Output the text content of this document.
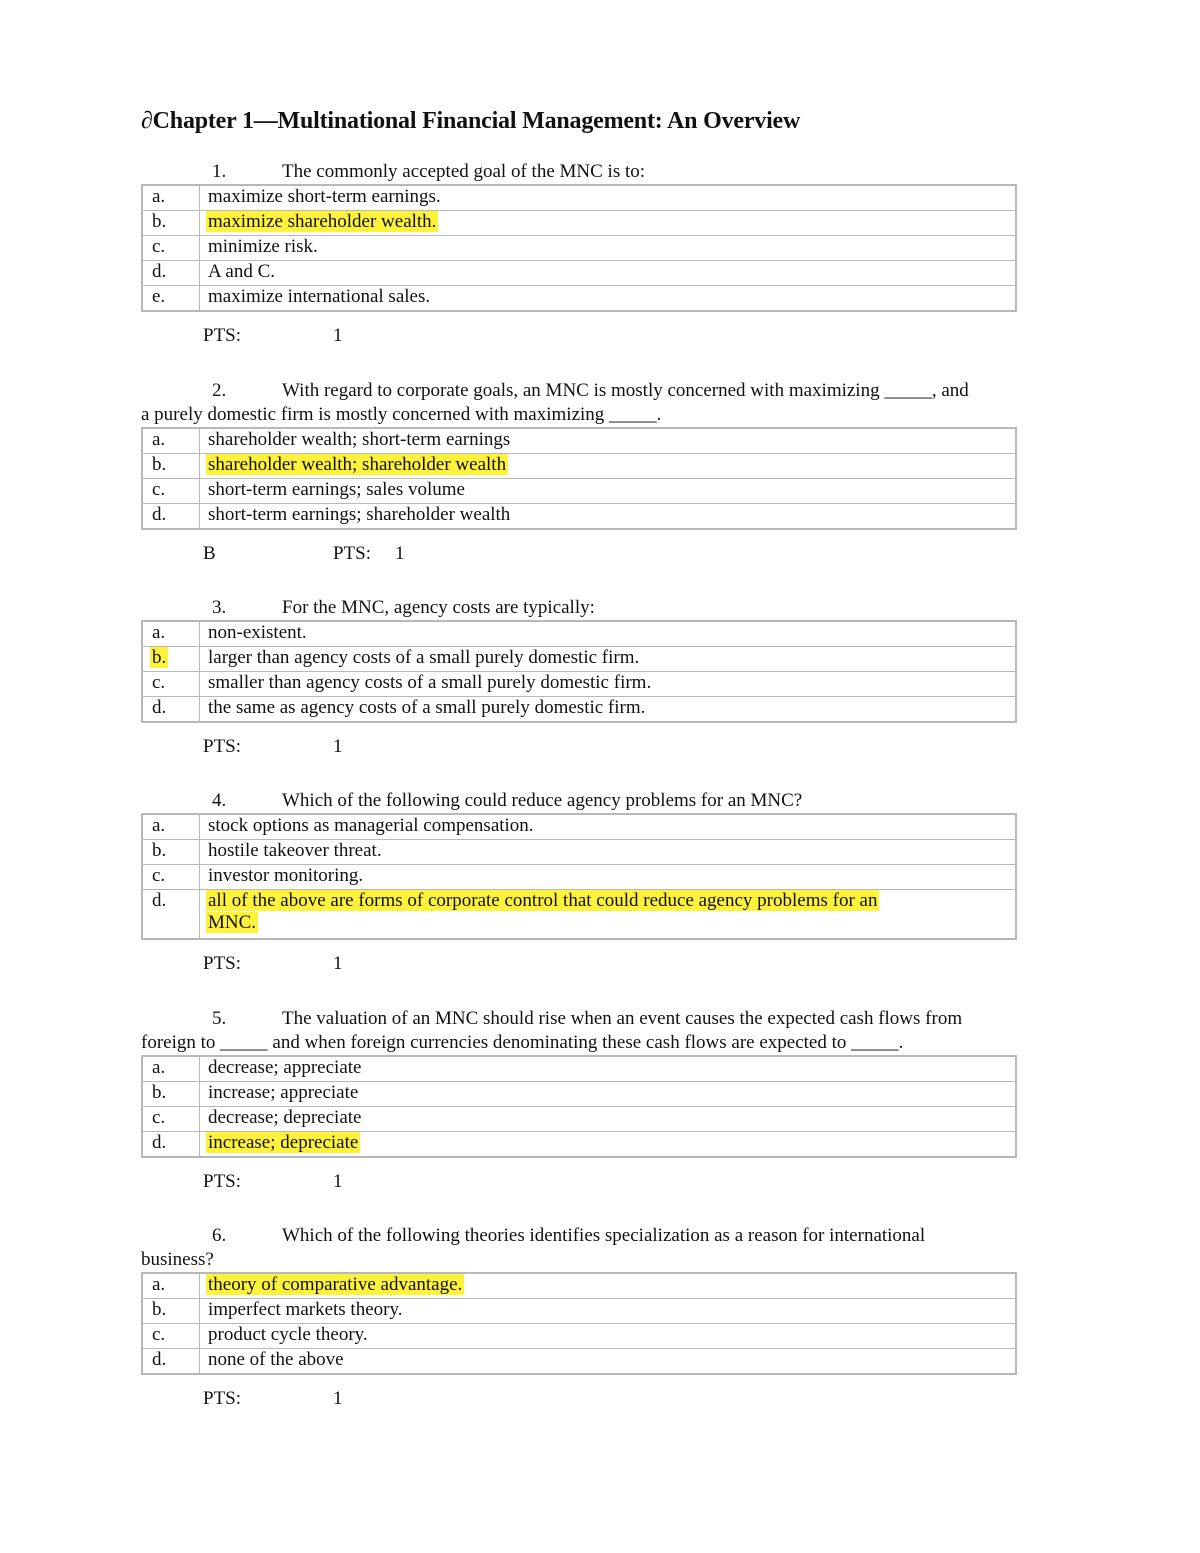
∂Chapter 1—Multinational Financial Management: An Overview
1.	The commonly accepted goal of the MNC is to:
a.	maximize short-term earnings.
b.	maximize shareholder wealth.
c.	minimize risk.
d.	A and C.
e.	maximize international sales.
PTS:	1
2.	With regard to corporate goals, an MNC is mostly concerned with maximizing _____, and
a purely domestic firm is mostly concerned with maximizing _____.
a.	shareholder wealth; short-term earnings
b.	shareholder wealth; shareholder wealth
c.	short-term earnings; sales volume
d.	short-term earnings; shareholder wealth
B	PTS: 1
3.	For the MNC, agency costs are typically:
a.	non-existent.
b.	larger than agency costs of a small purely domestic firm.
c.	smaller than agency costs of a small purely domestic firm.
d.	the same as agency costs of a small purely domestic firm.
PTS:	1
4.	Which of the following could reduce agency problems for an MNC?
a.	stock options as managerial compensation.
b.	hostile takeover threat.
c.	investor monitoring.
d.	all of the above are forms of corporate control that could reduce agency problems for an
MNC.
PTS:	1
5.	The valuation of an MNC should rise when an event causes the expected cash flows from
foreign to _____ and when foreign currencies denominating these cash flows are expected to _____.
a.	decrease; appreciate
b.	increase; appreciate
c.	decrease; depreciate
d.	increase; depreciate
PTS:	1
6.	Which of the following theories identifies specialization as a reason for international
business?
a.	theory of comparative advantage.
b.	imperfect markets theory.
c.	product cycle theory.
d.	none of the above
PTS:	1
